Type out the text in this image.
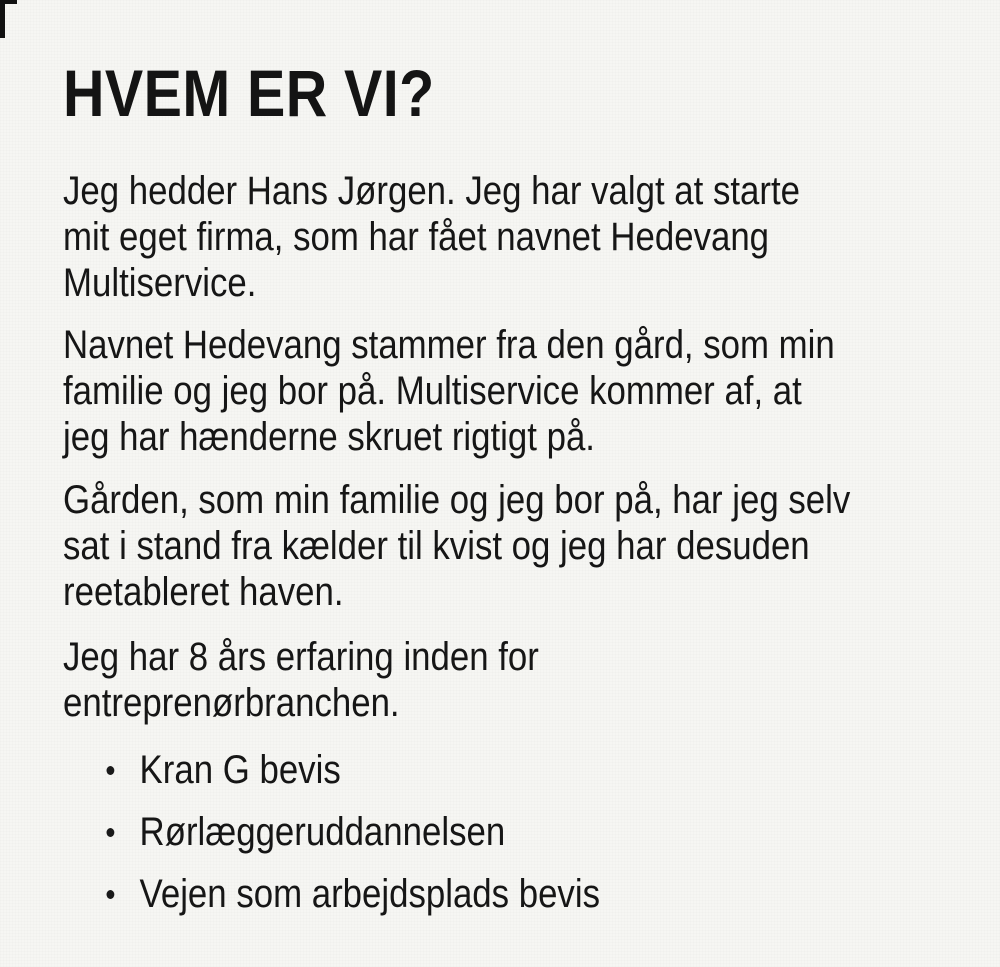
HVEM ER VI?
Jeg hedder Hans Jørgen. Jeg har valgt at starte
mit eget firma, som har fået navnet Hedevang
Multiservice.
Navnet Hedevang stammer fra den gård, som min
familie og jeg bor på. Multiservice kommer af, at
jeg har hænderne skruet rigtigt på.
Gården, som min familie og jeg bor på, har jeg selv
sat i stand fra kælder til kvist og jeg har desuden
reetableret haven.
Jeg har 8 års erfaring inden for
entreprenørbranchen.
Kran G bevis
Rørlæggeruddannelsen
Vejen som arbejdsplads bevis
